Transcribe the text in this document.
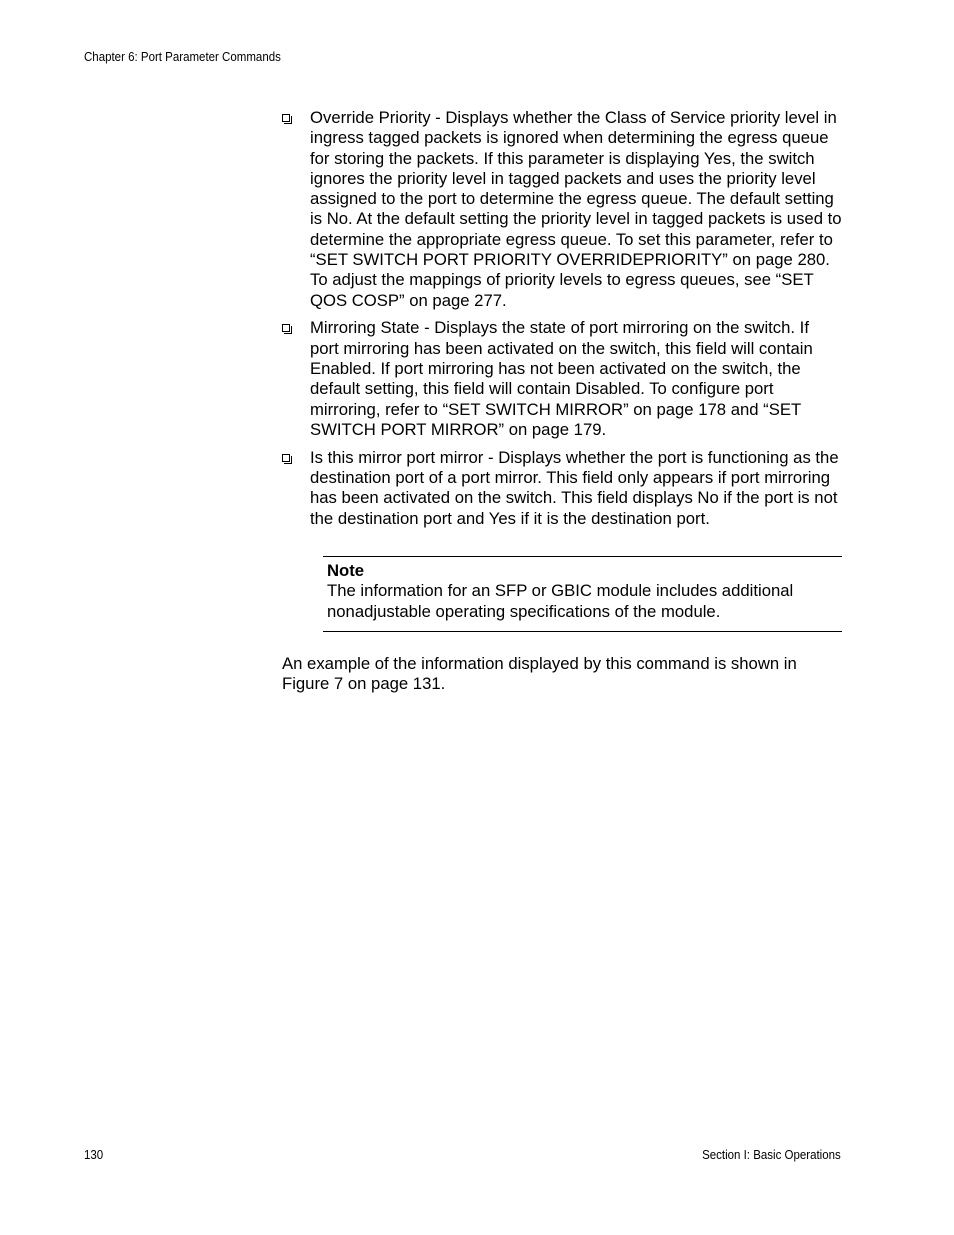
Chapter 6: Port Parameter Commands
Override Priority - Displays whether the Class of Service priority level in ingress tagged packets is ignored when determining the egress queue for storing the packets. If this parameter is displaying Yes, the switch ignores the priority level in tagged packets and uses the priority level assigned to the port to determine the egress queue. The default setting is No. At the default setting the priority level in tagged packets is used to determine the appropriate egress queue. To set this parameter, refer to “SET SWITCH PORT PRIORITY OVERRIDEPRIORITY” on page 280. To adjust the mappings of priority levels to egress queues, see “SET QOS COSP” on page 277.
Mirroring State - Displays the state of port mirroring on the switch. If port mirroring has been activated on the switch, this field will contain Enabled. If port mirroring has not been activated on the switch, the default setting, this field will contain Disabled. To configure port mirroring, refer to “SET SWITCH MIRROR” on page 178 and “SET SWITCH PORT MIRROR” on page 179.
Is this mirror port mirror - Displays whether the port is functioning as the destination port of a port mirror. This field only appears if port mirroring has been activated on the switch. This field displays No if the port is not the destination port and Yes if it is the destination port.
Note
The information for an SFP or GBIC module includes additional nonadjustable operating specifications of the module.
An example of the information displayed by this command is shown in Figure 7 on page 131.
130	Section I: Basic Operations
